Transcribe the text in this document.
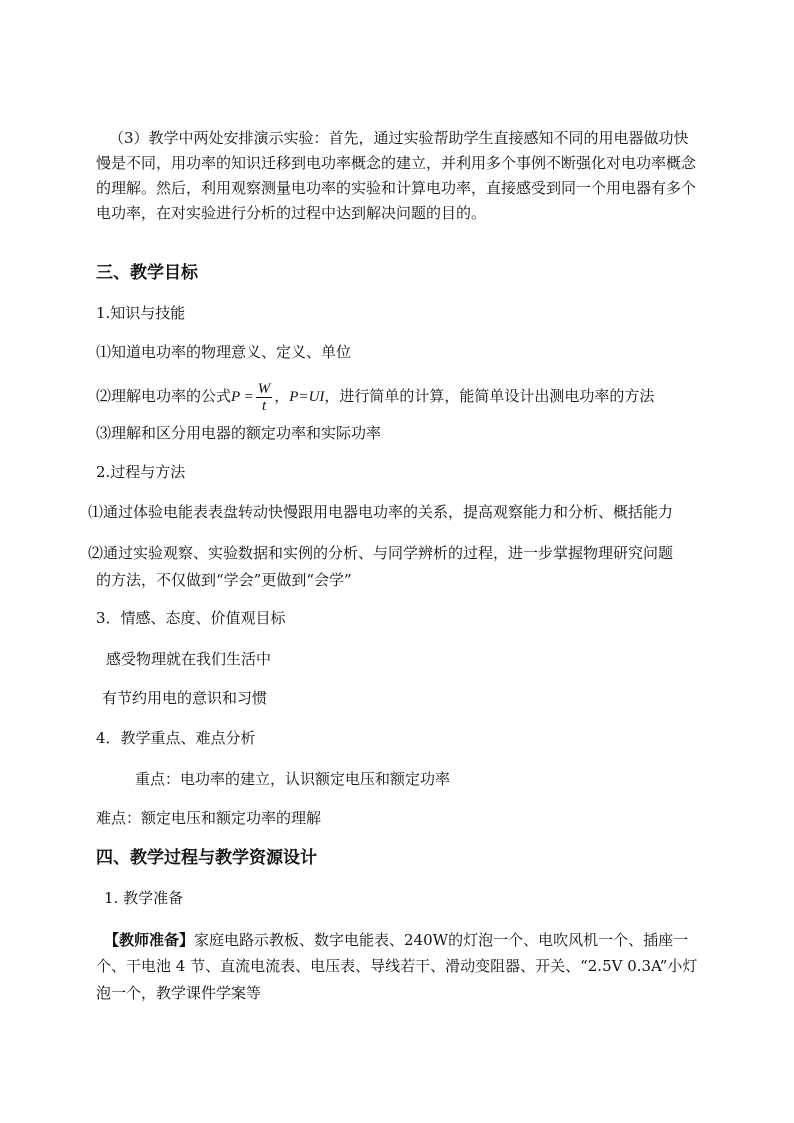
（3）教学中两处安排演示实验：首先，通过实验帮助学生直接感知不同的用电器做功快
慢是不同，用功率的知识迁移到电功率概念的建立，并利用多个事例不断强化对电功率概念
的理解。然后，利用观察测量电功率的实验和计算电功率，直接感受到同一个用电器有多个
电功率，在对实验进行分析的过程中达到解决问题的目的。
三、教学目标
1.知识与技能
⑴知道电功率的物理意义、定义、单位
⑵理解电功率的公式$P = \frac{W}{t}$ ，P=UI，进行简单的计算，能简单设计出测电功率的方法
⑶理解和区分用电器的额定功率和实际功率
2.过程与方法
⑴通过体验电能表表盘转动快慢跟用电器电功率的关系，提高观察能力和分析、概括能力
⑵通过实验观察、实验数据和实例的分析、与同学辨析的过程，进一步掌握物理研究问题
的方法，不仅做到“学会”更做到“会学”
3．情感、态度、价值观目标
感受物理就在我们生活中
有节约用电的意识和习惯
4．教学重点、难点分析
重点：电功率的建立，认识额定电压和额定功率
难点：额定电压和额定功率的理解
四、教学过程与教学资源设计
1. 教学准备
【教师准备】家庭电路示教板、数字电能表、240W的灯泡一个、电吹风机一个、插座一
个、干电池 4 节、直流电流表、电压表、导线若干、滑动变阻器、开关、“2.5V 0.3A”小灯
泡一个，教学课件学案等
